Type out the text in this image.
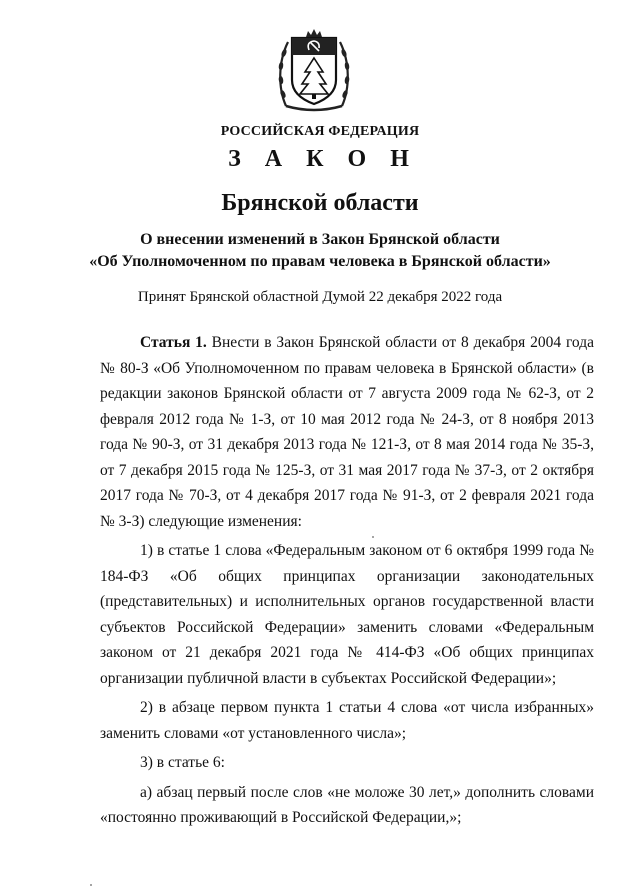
РОССИЙСКАЯ ФЕДЕРАЦИЯ
З А К О Н
Брянской области
О внесении изменений в Закон Брянской области
«Об Уполномоченном по правам человека в Брянской области»
Принят Брянской областной Думой 22 декабря 2022 года

Статья 1. Внести в Закон Брянской области от 8 декабря 2004 года № 80-З «Об Уполномоченном по правам человека в Брянской области» (в редакции законов Брянской области от 7 августа 2009 года № 62-З, от 2 февраля 2012 года № 1-З, от 10 мая 2012 года № 24-З, от 8 ноября 2013 года № 90-З, от 31 декабря 2013 года № 121-З, от 8 мая 2014 года № 35-З, от 7 декабря 2015 года № 125-З, от 31 мая 2017 года № 37-З, от 2 октября 2017 года № 70-З, от 4 декабря 2017 года № 91-З, от 2 февраля 2021 года № 3-З) следующие изменения:

1) в статье 1 слова «Федеральным законом от 6 октября 1999 года № 184-ФЗ «Об общих принципах организации законодательных (представительных) и исполнительных органов государственной власти субъектов Российской Федерации» заменить словами «Федеральным законом от 21 декабря 2021 года № 414-ФЗ «Об общих принципах организации публичной власти в субъектах Российской Федерации»;

2) в абзаце первом пункта 1 статьи 4 слова «от числа избранных» заменить словами «от установленного числа»;

3) в статье 6:

а) абзац первый после слов «не моложе 30 лет,» дополнить словами «постоянно проживающий в Российской Федерации,»;
